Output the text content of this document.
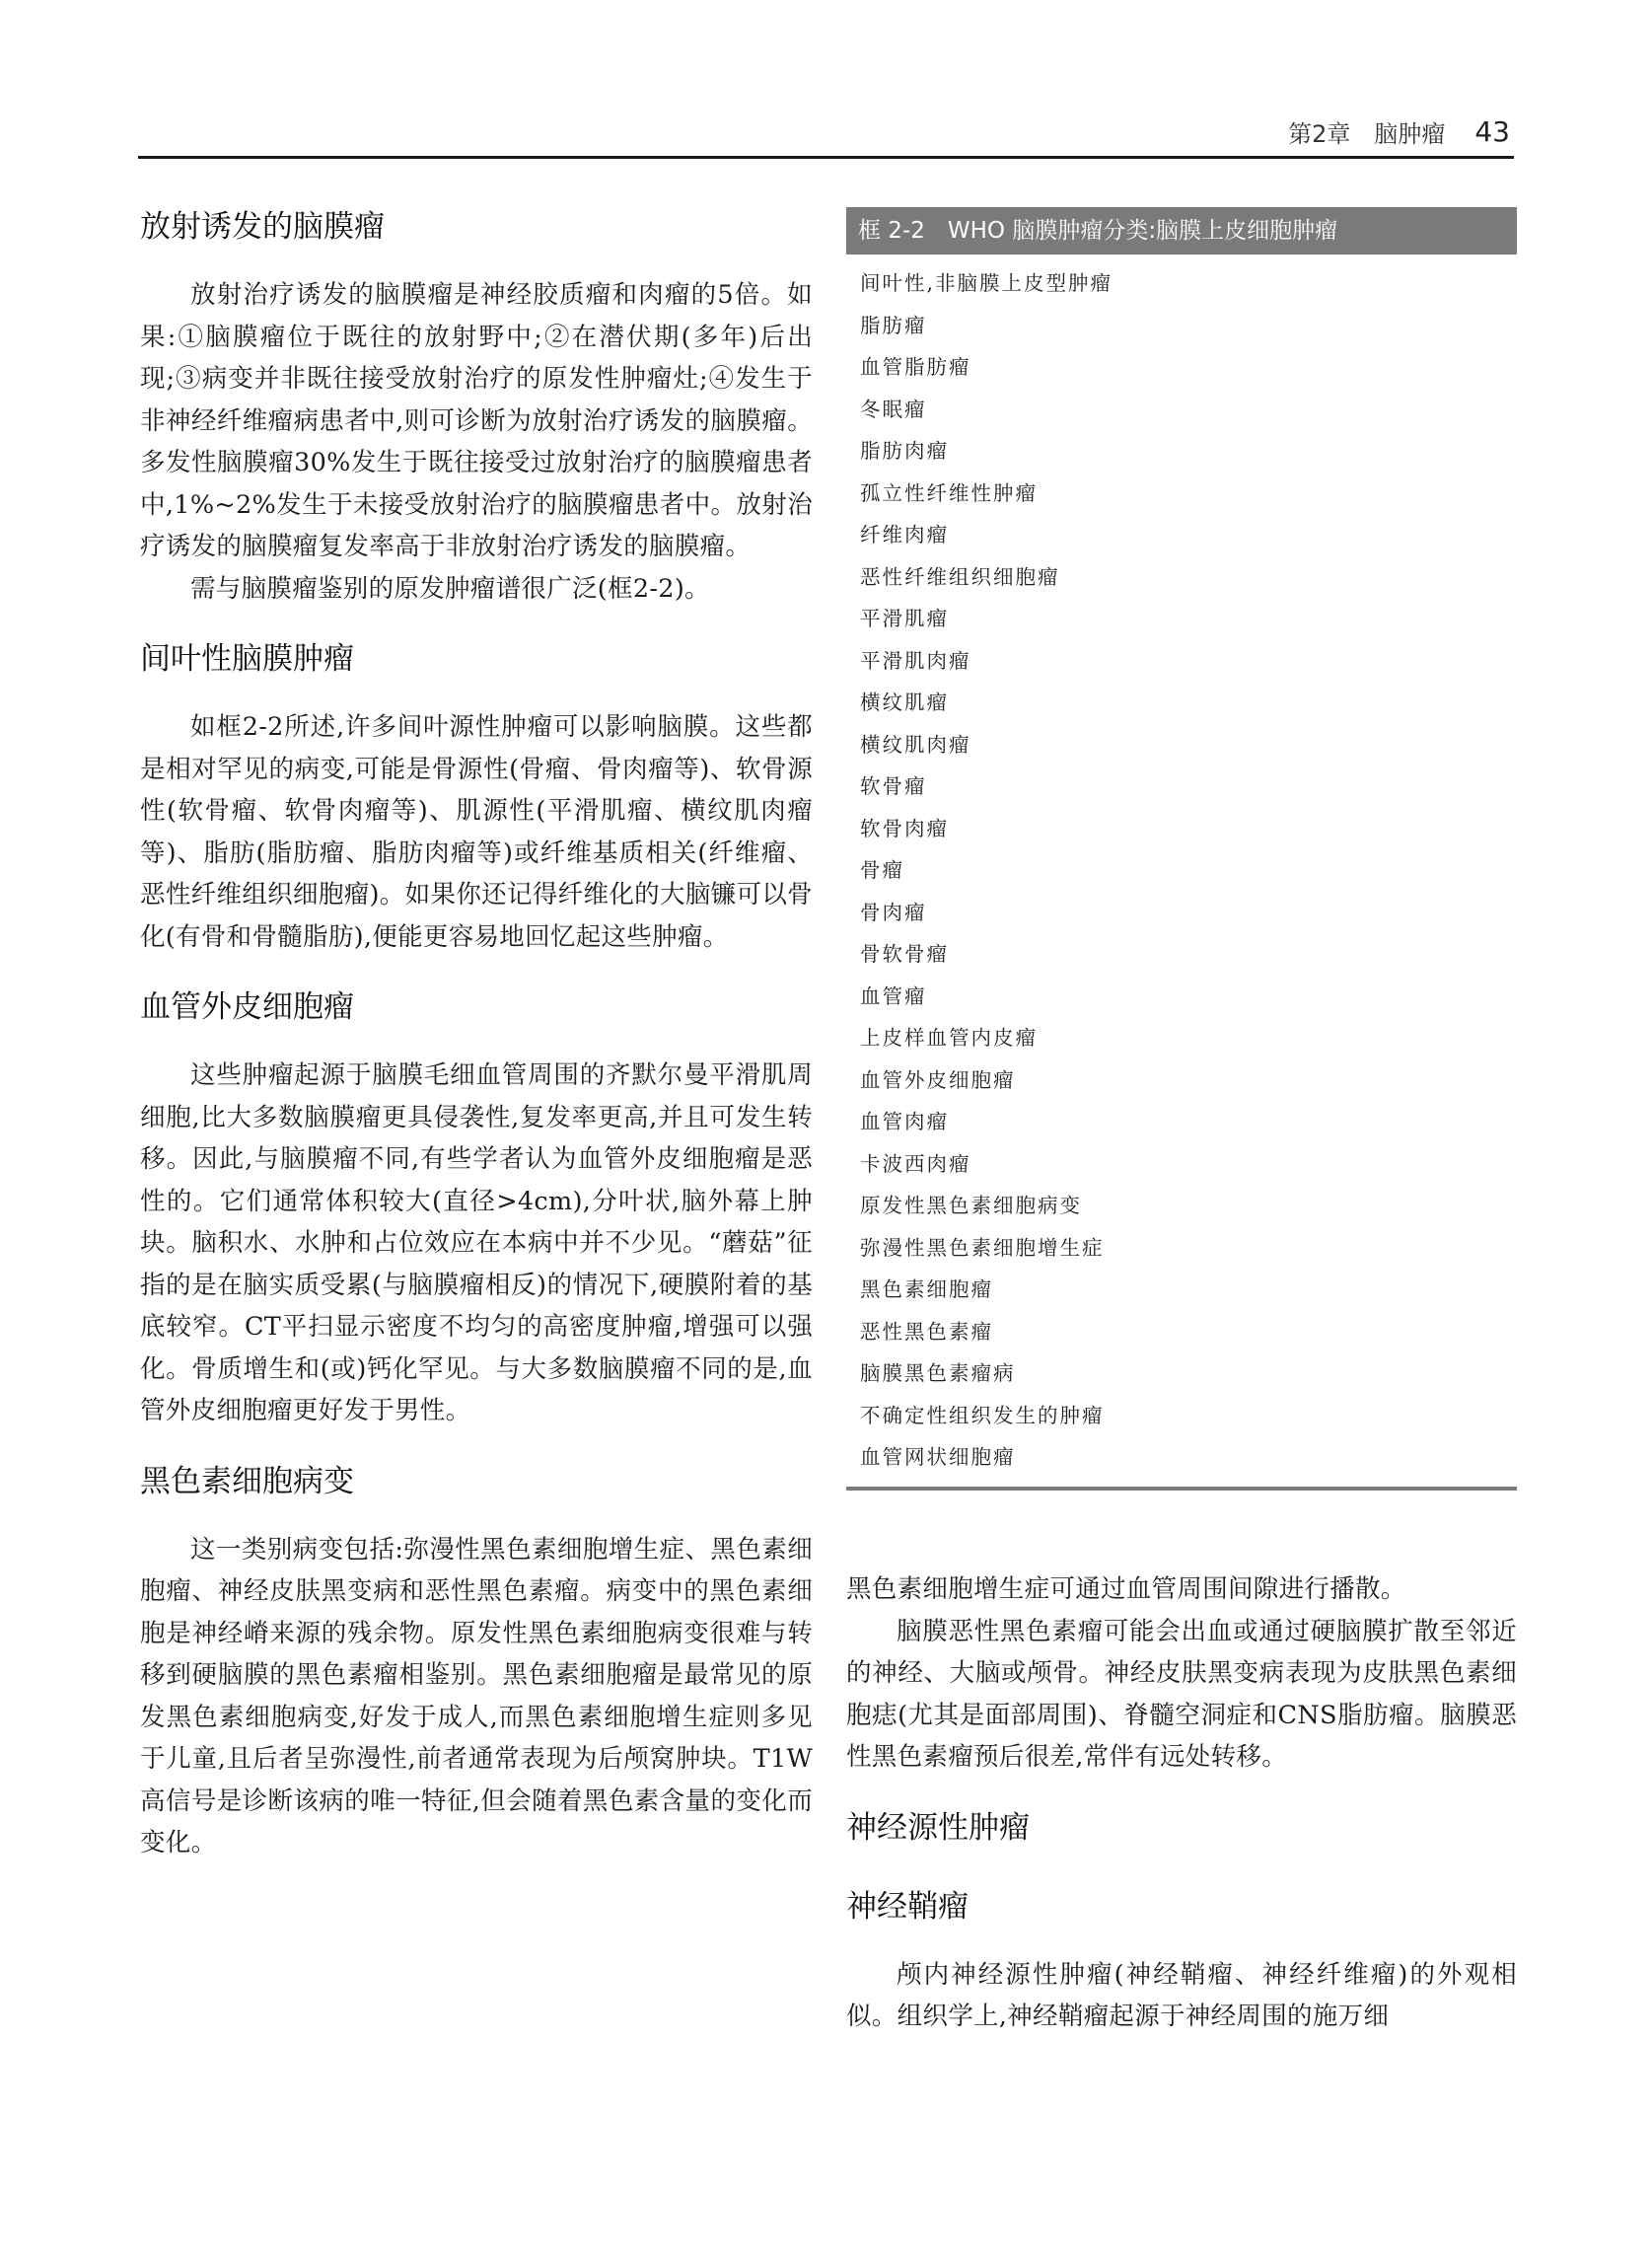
第2章　脑肿瘤 43
放射诱发的脑膜瘤

放射治疗诱发的脑膜瘤是神经胶质瘤和肉瘤的5倍。如果:①脑膜瘤位于既往的放射野中;②在潜伏期(多年)后出现;③病变并非既往接受放射治疗的原发性肿瘤灶;④发生于非神经纤维瘤病患者中,则可诊断为放射治疗诱发的脑膜瘤。多发性脑膜瘤30%发生于既往接受过放射治疗的脑膜瘤患者中,1%~2%发生于未接受放射治疗的脑膜瘤患者中。放射治疗诱发的脑膜瘤复发率高于非放射治疗诱发的脑膜瘤。

需与脑膜瘤鉴别的原发肿瘤谱很广泛(框2-2)。

间叶性脑膜肿瘤

如框2-2所述,许多间叶源性肿瘤可以影响脑膜。这些都是相对罕见的病变,可能是骨源性(骨瘤、骨肉瘤等)、软骨源性(软骨瘤、软骨肉瘤等)、肌源性(平滑肌瘤、横纹肌肉瘤等)、脂肪(脂肪瘤、脂肪肉瘤等)或纤维基质相关(纤维瘤、恶性纤维组织细胞瘤)。如果你还记得纤维化的大脑镰可以骨化(有骨和骨髓脂肪),便能更容易地回忆起这些肿瘤。

血管外皮细胞瘤

这些肿瘤起源于脑膜毛细血管周围的齐默尔曼平滑肌周细胞,比大多数脑膜瘤更具侵袭性,复发率更高,并且可发生转移。因此,与脑膜瘤不同,有些学者认为血管外皮细胞瘤是恶性的。它们通常体积较大(直径>4cm),分叶状,脑外幕上肿块。脑积水、水肿和占位效应在本病中并不少见。“蘑菇”征指的是在脑实质受累(与脑膜瘤相反)的情况下,硬膜附着的基底较窄。CT平扫显示密度不均匀的高密度肿瘤,增强可以强化。骨质增生和(或)钙化罕见。与大多数脑膜瘤不同的是,血管外皮细胞瘤更好发于男性。

黑色素细胞病变

这一类别病变包括:弥漫性黑色素细胞增生症、黑色素细胞瘤、神经皮肤黑变病和恶性黑色素瘤。病变中的黑色素细胞是神经嵴来源的残余物。原发性黑色素细胞病变很难与转移到硬脑膜的黑色素瘤相鉴别。黑色素细胞瘤是最常见的原发黑色素细胞病变,好发于成人,而黑色素细胞增生症则多见于儿童,且后者呈弥漫性,前者通常表现为后颅窝肿块。T1W高信号是诊断该病的唯一特征,但会随着黑色素含量的变化而变化。

框 2-2　WHO 脑膜肿瘤分类:脑膜上皮细胞肿瘤
间叶性,非脑膜上皮型肿瘤
脂肪瘤
血管脂肪瘤
冬眠瘤
脂肪肉瘤
孤立性纤维性肿瘤
纤维肉瘤
恶性纤维组织细胞瘤
平滑肌瘤
平滑肌肉瘤
横纹肌瘤
横纹肌肉瘤
软骨瘤
软骨肉瘤
骨瘤
骨肉瘤
骨软骨瘤
血管瘤
上皮样血管内皮瘤
血管外皮细胞瘤
血管肉瘤
卡波西肉瘤
原发性黑色素细胞病变
弥漫性黑色素细胞增生症
黑色素细胞瘤
恶性黑色素瘤
脑膜黑色素瘤病
不确定性组织发生的肿瘤
血管网状细胞瘤

黑色素细胞增生症可通过血管周围间隙进行播散。

脑膜恶性黑色素瘤可能会出血或通过硬脑膜扩散至邻近的神经、大脑或颅骨。神经皮肤黑变病表现为皮肤黑色素细胞痣(尤其是面部周围)、脊髓空洞症和CNS脂肪瘤。脑膜恶性黑色素瘤预后很差,常伴有远处转移。

神经源性肿瘤
神经鞘瘤

颅内神经源性肿瘤(神经鞘瘤、神经纤维瘤)的外观相似。组织学上,神经鞘瘤起源于神经周围的施万细
